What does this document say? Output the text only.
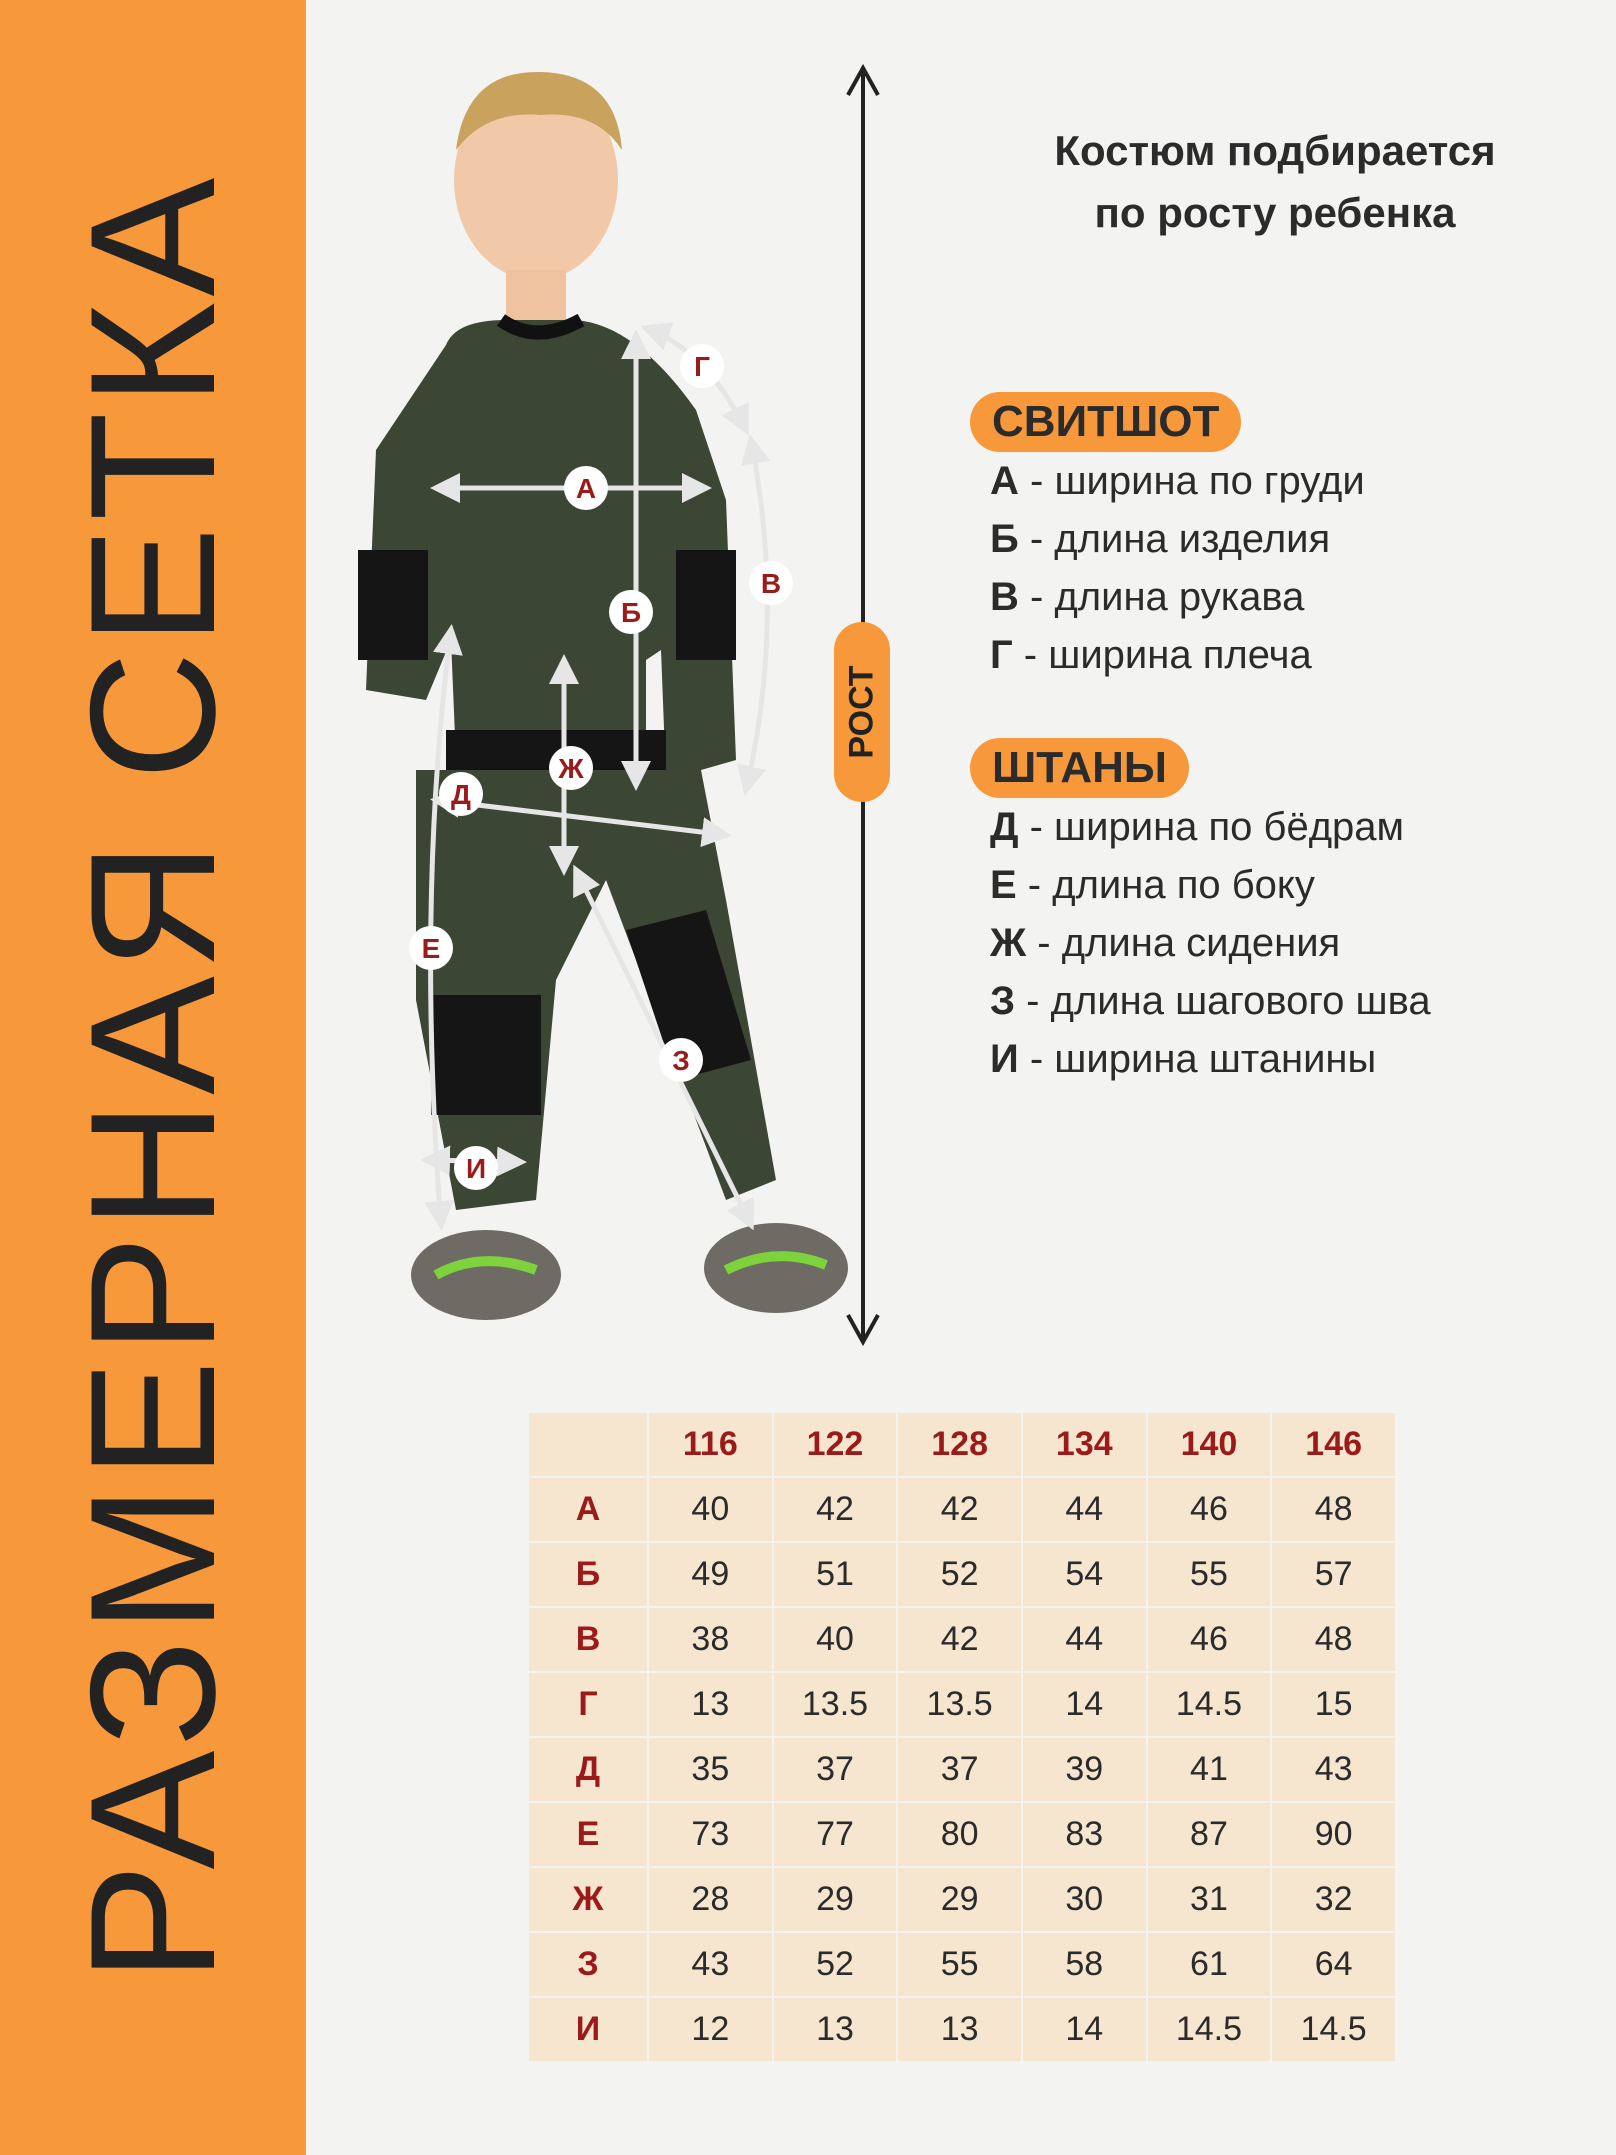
РАЗМЕРНАЯ СЕТКА	А
Б
Г
В
Ж
Д
Е
З
И
РОСТ
Костюм подбирается
по росту ребенка
СВИТШОТ
А - ширина по груди
Б - длина изделия
В - длина рукава
Г - ширина плеча
ШТАНЫ
Д - ширина по бёдрам
Е - длина по боку
Ж - длина сидения
З - длина шагового шва
И - ширина штанины
	116	122	128	134	140	146
А	40	42	42	44	46	48
Б	49	51	52	54	55	57
В	38	40	42	44	46	48
Г	13	13.5	13.5	14	14.5	15
Д	35	37	37	39	41	43
Е	73	77	80	83	87	90
Ж	28	29	29	30	31	32
З	43	52	55	58	61	64
И	12	13	13	14	14.5	14.5
